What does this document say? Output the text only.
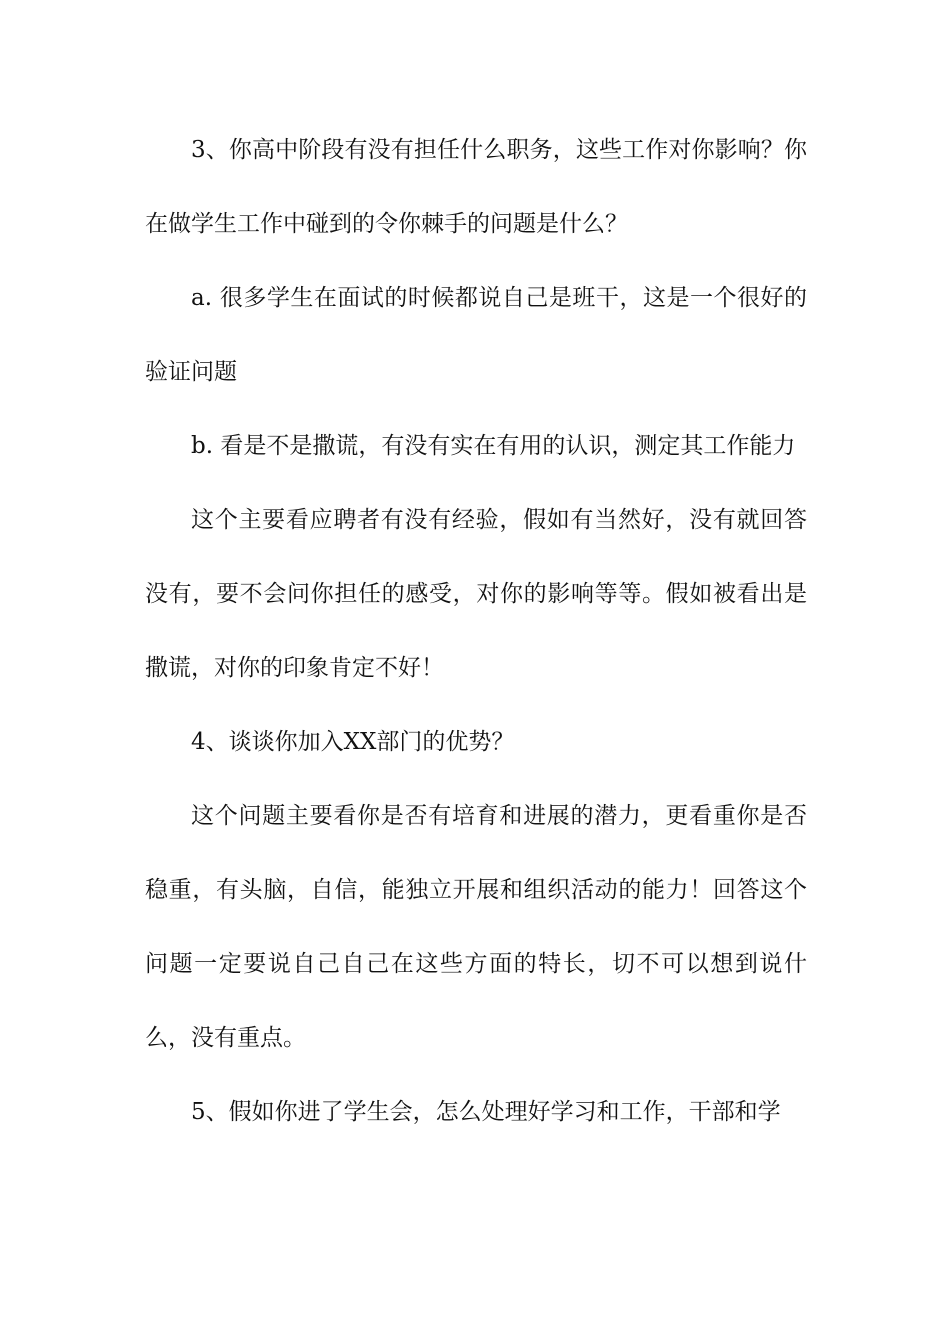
3、你高中阶段有没有担任什么职务，这些工作对你影响？你在做学生工作中碰到的令你棘手的问题是什么？

a. 很多学生在面试的时候都说自己是班干，这是一个很好的验证问题

b. 看是不是撒谎，有没有实在有用的认识，测定其工作能力

这个主要看应聘者有没有经验，假如有当然好，没有就回答没有，要不会问你担任的感受，对你的影响等等。假如被看出是撒谎，对你的印象肯定不好！

4、谈谈你加入XX部门的优势？

这个问题主要看你是否有培育和进展的潜力，更看重你是否稳重，有头脑，自信，能独立开展和组织活动的能力！回答这个问题一定要说自己自己在这些方面的特长，切不可以想到说什么，没有重点。

5、假如你进了学生会，怎么处理好学习和工作，干部和学
